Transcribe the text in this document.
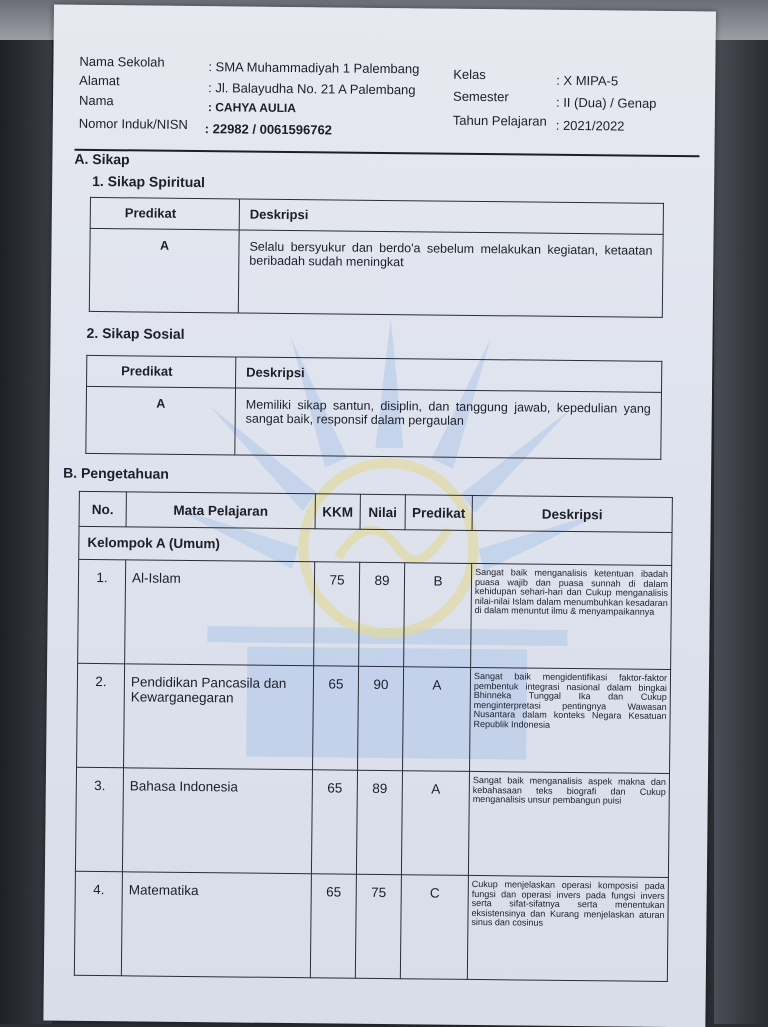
Nama Sekolah	: SMA Muhammadiyah 1 Palembang
Alamat	: Jl. Balayudha No. 21 A Palembang
Nama	: CAHYA AULIA
Nomor Induk/NISN : 22982 / 0061596762
Kelas	: X MIPA-5
Semester	: II (Dua) / Genap
Tahun Pelajaran : 2021/2022
A. Sikap
1. Sikap Spiritual
Predikat	Deskripsi
A	Selalu bersyukur dan berdo'a sebelum melakukan kegiatan, ketaatan beribadah sudah meningkat
2. Sikap Sosial
Predikat	Deskripsi
A	Memiliki sikap santun, disiplin, dan tanggung jawab, kepedulian yang sangat baik, responsif dalam pergaulan
B. Pengetahuan
No.	Mata Pelajaran	KKM	Nilai	Predikat	Deskripsi
Kelompok A (Umum)					
1.	Al-Islam	75	89	B	Sangat baik menganalisis ketentuan ibadah puasa wajib dan puasa sunnah di dalam kehidupan sehari-hari dan Cukup menganalisis nilai-nilai Islam dalam menumbuhkan kesadaran di dalam menuntut ilmu & menyampaikannya
2.	Pendidikan Pancasila dan Kewarganegaran	65	90	A	Sangat baik mengidentifikasi faktor-faktor pembentuk integrasi nasional dalam bingkai Bhinneka Tunggal Ika dan Cukup menginterpretasi pentingnya Wawasan Nusantara dalam konteks Negara Kesatuan Republik Indonesia
3.	Bahasa Indonesia	65	89	A	Sangat baik menganalisis aspek makna dan kebahasaan teks biografi dan Cukup menganalisis unsur pembangun puisi
4.	Matematika	65	75	C	Cukup menjelaskan operasi komposisi pada fungsi dan operasi invers pada fungsi invers serta sifat-sifatnya serta menentukan eksistensinya dan Kurang menjelaskan aturan sinus dan cosinus
